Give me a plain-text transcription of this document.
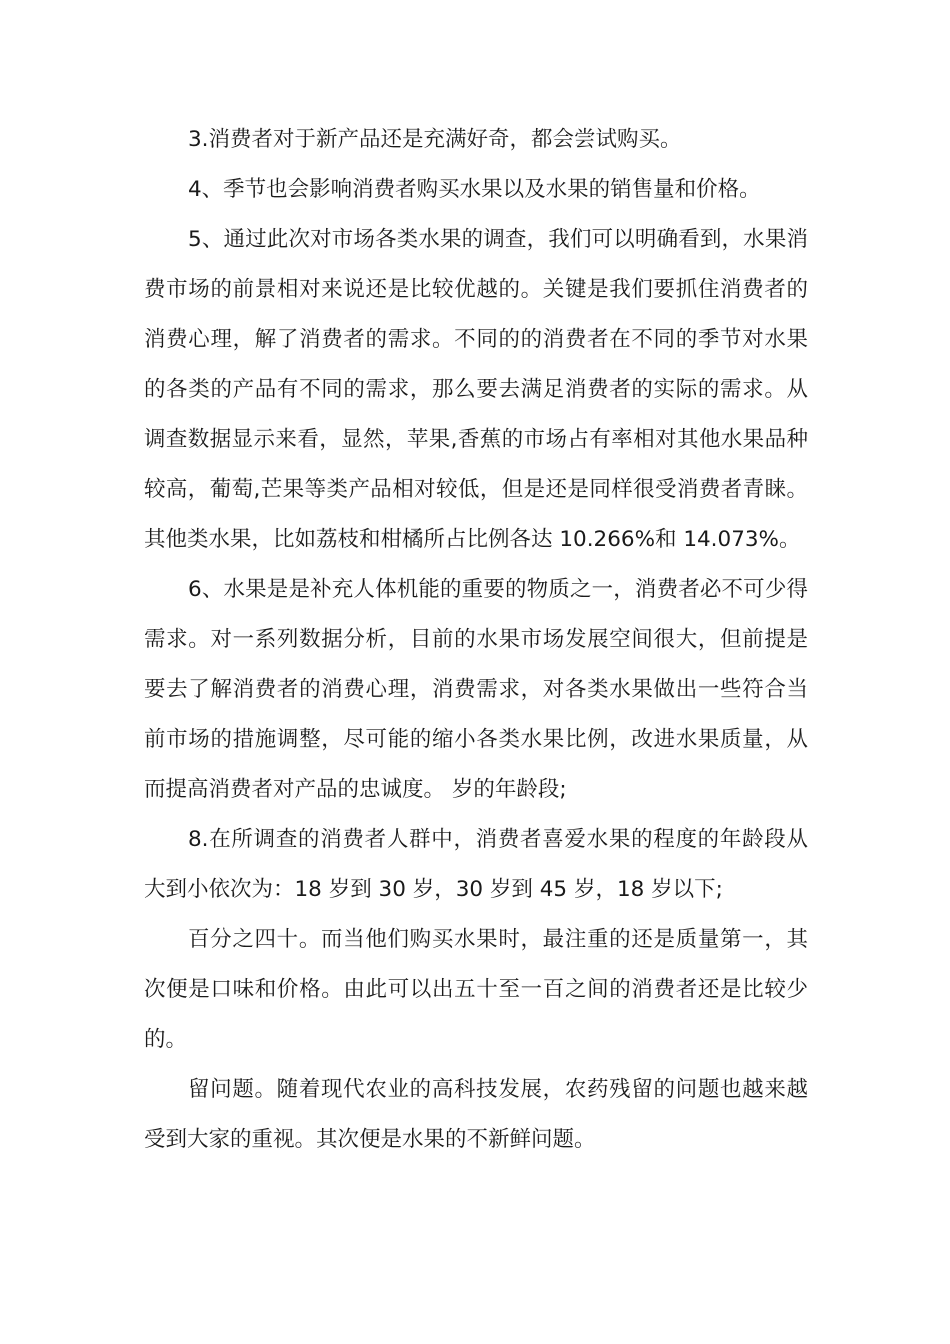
3.消费者对于新产品还是充满好奇，都会尝试购买。

4、季节也会影响消费者购买水果以及水果的销售量和价格。

5、通过此次对市场各类水果的调查，我们可以明确看到，水果消费市场的前景相对来说还是比较优越的。关键是我们要抓住消费者的消费心理，解了消费者的需求。不同的的消费者在不同的季节对水果的各类的产品有不同的需求，那么要去满足消费者的实际的需求。从调查数据显示来看，显然，苹果,香蕉的市场占有率相对其他水果品种较高，葡萄,芒果等类产品相对较低，但是还是同样很受消费者青睐。其他类水果，比如荔枝和柑橘所占比例各达 10.266%和 14.073%。

6、水果是是补充人体机能的重要的物质之一，消费者必不可少得需求。对一系列数据分析，目前的水果市场发展空间很大，但前提是要去了解消费者的消费心理，消费需求，对各类水果做出一些符合当前市场的措施调整，尽可能的缩小各类水果比例，改进水果质量，从而提高消费者对产品的忠诚度。 岁的年龄段;

8.在所调查的消费者人群中，消费者喜爱水果的程度的年龄段从大到小依次为：18 岁到 30 岁，30 岁到 45 岁，18 岁以下;

百分之四十。而当他们购买水果时，最注重的还是质量第一，其次便是口味和价格。由此可以出五十至一百之间的消费者还是比较少的。

留问题。随着现代农业的高科技发展，农药残留的问题也越来越受到大家的重视。其次便是水果的不新鲜问题。
